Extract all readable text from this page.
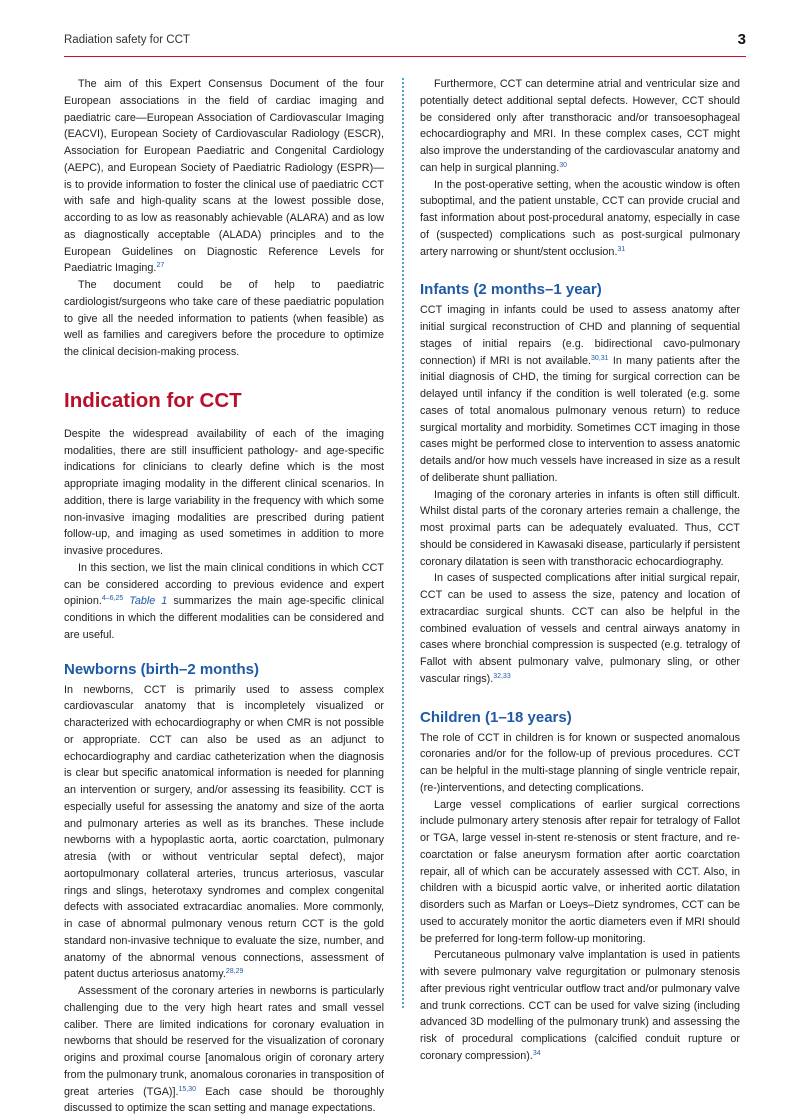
Radiation safety for CCT	3

The aim of this Expert Consensus Document of the four European associations in the field of cardiac imaging and paediatric care—European Association of Cardiovascular Imaging (EACVI), European Society of Cardiovascular Radiology (ESCR), Association for European Paediatric and Congenital Cardiology (AEPC), and European Society of Paediatric Radiology (ESPR)—is to provide information to foster the clinical use of paediatric CCT with safe and high-quality scans at the lowest possible dose, according to as low as reasonably achievable (ALARA) and as low as diagnostically acceptable (ALADA) principles and to the European Guidelines on Diagnostic Reference Levels for Paediatric Imaging.$^{27}$

The document could be of help to paediatric cardiologist/surgeons who take care of these paediatric population to give all the needed information to patients (when feasible) as well as families and caregivers before the procedure to optimize the clinical decision-making process.

Indication for CCT

Despite the widespread availability of each of the imaging modalities, there are still insufficient pathology- and age-specific indications for clinicians to clearly define which is the most appropriate imaging modality in the different clinical scenarios. In addition, there is large variability in the frequency with which some non-invasive imaging modalities are prescribed during patient follow-up, and imaging as used sometimes in addition to more invasive procedures.

In this section, we list the main clinical conditions in which CCT can be considered according to previous evidence and expert opinion.$^{4-6,25}$ Table 1 summarizes the main age-specific clinical conditions in which the different modalities can be considered and are useful.

Newborns (birth–2 months)

In newborns, CCT is primarily used to assess complex cardiovascular anatomy that is incompletely visualized or characterized with echocardiography or when CMR is not possible or appropriate. CCT can also be used as an adjunct to echocardiography and cardiac catheterization when the diagnosis is clear but specific anatomical information is needed for planning an intervention or surgery, and/or assessing its feasibility. CCT is especially useful for assessing the anatomy and size of the aorta and pulmonary arteries as well as its branches. These include newborns with a hypoplastic aorta, aortic coarctation, pulmonary atresia (with or without ventricular septal defect), major aortopulmonary collateral arteries, truncus arteriosus, vascular rings and slings, heterotaxy syndromes and complex congenital defects with associated extracardiac anomalies. More commonly, in case of abnormal pulmonary venous return CCT is the gold standard non-invasive technique to evaluate the size, number, and anatomy of the abnormal venous connections, assessment of patent ductus arteriosus anatomy.$^{28,29}$

Assessment of the coronary arteries in newborns is particularly challenging due to the very high heart rates and small vessel caliber. There are limited indications for coronary evaluation in newborns that should be reserved for the visualization of coronary origins and proximal course [anomalous origin of coronary artery from the pulmonary trunk, anomalous coronaries in transposition of great arteries (TGA)].$^{15,30}$ Each case should be thoroughly discussed to optimize the scan setting and manage expectations.

Furthermore, CCT can determine atrial and ventricular size and potentially detect additional septal defects. However, CCT should be considered only after transthoracic and/or transoesophageal echocardiography and MRI. In these complex cases, CCT might also improve the understanding of the cardiovascular anatomy and can help in surgical planning.$^{30}$

In the post-operative setting, when the acoustic window is often suboptimal, and the patient unstable, CCT can provide crucial and fast information about post-procedural anatomy, especially in case of (suspected) complications such as post-surgical pulmonary artery narrowing or shunt/stent occlusion.$^{31}$

Infants (2 months–1 year)

CCT imaging in infants could be used to assess anatomy after initial surgical reconstruction of CHD and planning of sequential stages of initial repairs (e.g. bidirectional cavo-pulmonary connection) if MRI is not available.$^{30,31}$ In many patients after the initial diagnosis of CHD, the timing for surgical correction can be delayed until infancy if the condition is well tolerated (e.g. some cases of total anomalous pulmonary venous return) to reduce surgical mortality and morbidity. Sometimes CCT imaging in those cases might be performed close to intervention to assess anatomic details and/or how much vessels have increased in size as a result of deliberate shunt palliation.

Imaging of the coronary arteries in infants is often still difficult. Whilst distal parts of the coronary arteries remain a challenge, the most proximal parts can be adequately evaluated. Thus, CCT should be considered in Kawasaki disease, particularly if persistent coronary dilatation is seen with transthoracic echocardiography.

In cases of suspected complications after initial surgical repair, CCT can be used to assess the size, patency and location of extracardiac surgical shunts. CCT can also be helpful in the combined evaluation of vessels and central airways anatomy in cases where bronchial compression is suspected (e.g. tetralogy of Fallot with absent pulmonary valve, pulmonary sling, or other vascular rings).$^{32,33}$

Children (1–18 years)

The role of CCT in children is for known or suspected anomalous coronaries and/or for the follow-up of previous procedures. CCT can be helpful in the multi-stage planning of single ventricle repair, (re-)interventions, and detecting complications.

Large vessel complications of earlier surgical corrections include pulmonary artery stenosis after repair for tetralogy of Fallot or TGA, large vessel in-stent re-stenosis or stent fracture, and re-coarctation or false aneurysm formation after aortic coarctation repair, all of which can be accurately assessed with CCT. Also, in children with a bicuspid aortic valve, or inherited aortic dilatation disorders such as Marfan or Loeys–Dietz syndromes, CCT can be used to accurately monitor the aortic diameters even if MRI should be preferred for long-term follow-up monitoring.

Percutaneous pulmonary valve implantation is used in patients with severe pulmonary valve regurgitation or pulmonary stenosis after previous right ventricular outflow tract and/or pulmonary valve and trunk corrections. CCT can be used for valve sizing (including advanced 3D modelling of the pulmonary trunk) and assessing the risk of procedural complications (calcified conduit rupture or coronary compression).$^{34}$
